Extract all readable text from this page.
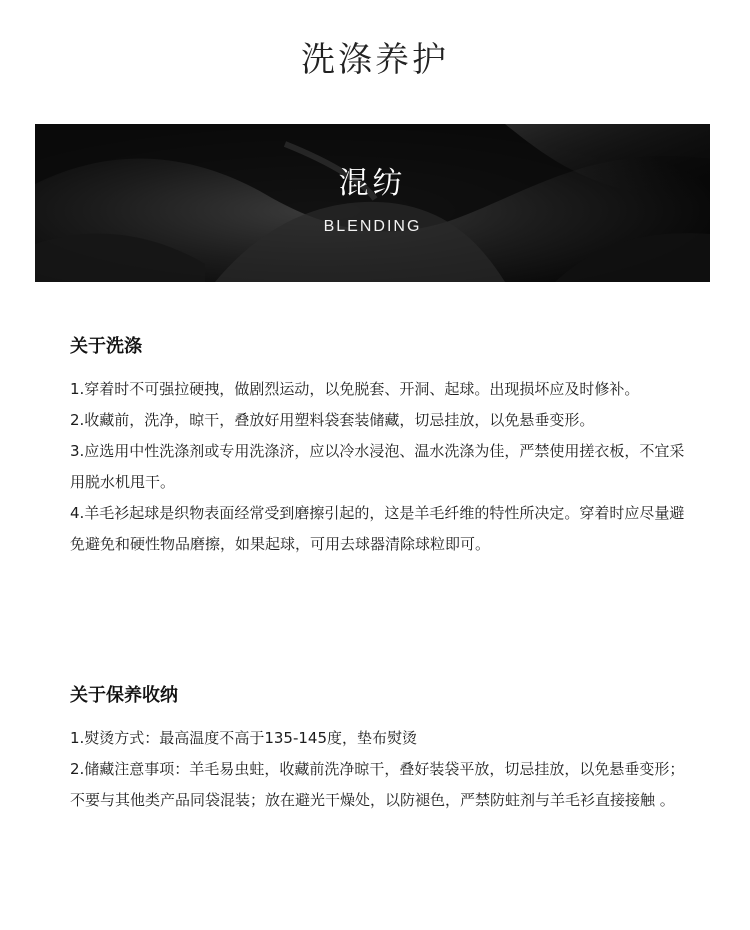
洗涤养护
混纺
BLENDING
关于洗涤

1.穿着时不可强拉硬拽，做剧烈运动，以免脱套、开洞、起球。出现损坏应及时修补。

2.收藏前，洗净，晾干，叠放好用塑料袋套装储藏，切忌挂放，以免悬垂变形。

3.应选用中性洗涤剂或专用洗涤济，应以冷水浸泡、温水洗涤为佳，严禁使用搓衣板，不宜采用脱水机甩干。

4.羊毛衫起球是织物表面经常受到磨擦引起的，这是羊毛纤维的特性所决定。穿着时应尽量避免避免和硬性物品磨擦，如果起球，可用去球器清除球粒即可。

关于保养收纳

1.熨烫方式：最高温度不高于135-145度，垫布熨烫

2.储藏注意事项：羊毛易虫蛀，收藏前洗净晾干，叠好装袋平放，切忌挂放，以免悬垂变形；不要与其他类产品同袋混装；放在避光干燥处，以防褪色，严禁防蛀剂与羊毛衫直接接触 。
